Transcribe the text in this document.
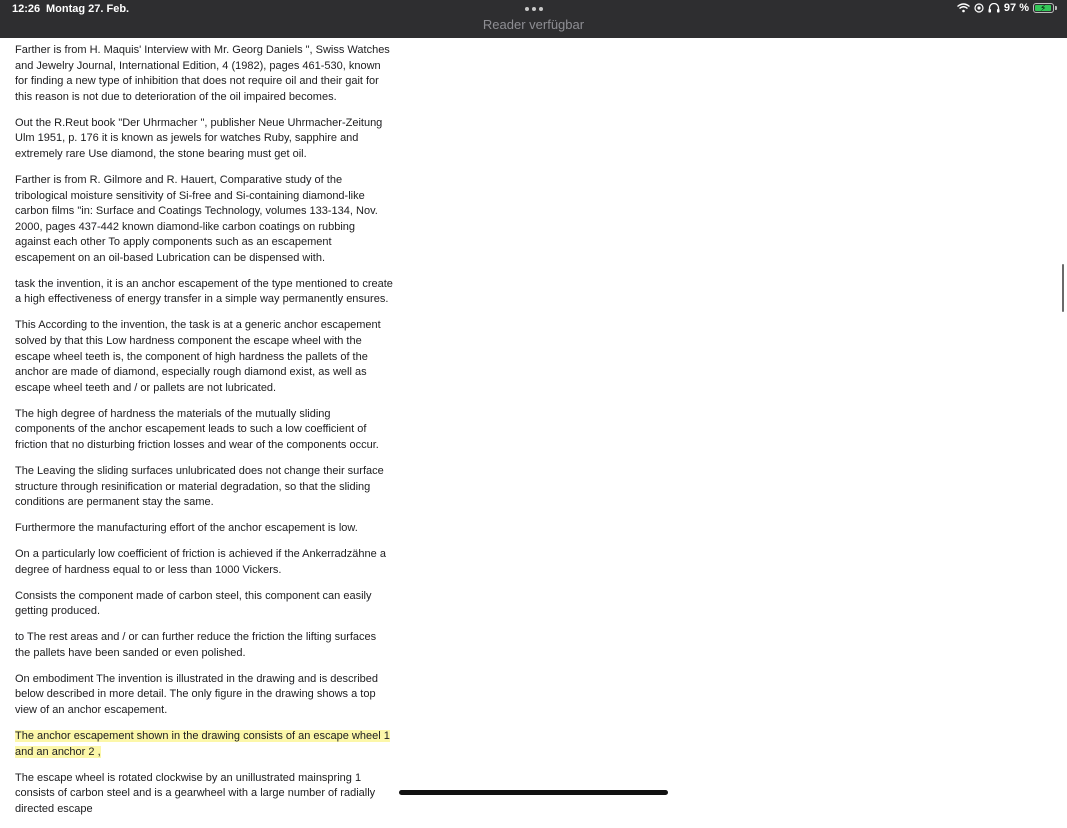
12:26 Montag 27. Feb.
Reader verfügbar
97 % ⚡

Farther is from H. Maquis' Interview with Mr. Georg Daniels ", Swiss Watches and Jewelry Journal, International Edition, 4 (1982), pages 461-530, known for finding a new type of inhibition that does not require oil and their gait for this reason is not due to deterioration of the oil impaired becomes.

Out the R.Reut book "Der Uhrmacher ", publisher Neue Uhrmacher-Zeitung Ulm 1951, p. 176 it is known as jewels for watches Ruby, sapphire and extremely rare Use diamond, the stone bearing must get oil.

Farther is from R. Gilmore and R. Hauert, Comparative study of the tribological moisture sensitivity of Si-free and Si-containing diamond-like carbon films "in: Surface and Coatings Technology, volumes 133-134, Nov. 2000, pages 437-442 known diamond-like carbon coatings on rubbing against each other To apply components such as an escapement escapement on an oil-based Lubrication can be dispensed with.

task the invention, it is an anchor escapement of the type mentioned to create a high effectiveness of energy transfer in a simple way permanently ensures.

This According to the invention, the task is at a generic anchor escapement solved by that this Low hardness component the escape wheel with the escape wheel teeth is, the component of high hardness the pallets of the anchor are made of diamond, especially rough diamond exist, as well as escape wheel teeth and / or pallets are not lubricated.

The high degree of hardness the materials of the mutually sliding components of the anchor escapement leads to such a low coefficient of friction that no disturbing friction losses and wear of the components occur.

The Leaving the sliding surfaces unlubricated does not change their surface structure through resinification or material degradation, so that the sliding conditions are permanent stay the same.

Furthermore the manufacturing effort of the anchor escapement is low.

On a particularly low coefficient of friction is achieved if the Ankerradzähne a degree of hardness equal to or less than 1000 Vickers.

Consists the component made of carbon steel, this component can easily getting produced.

to The rest areas and / or can further reduce the friction the lifting surfaces the pallets have been sanded or even polished.

On embodiment The invention is illustrated in the drawing and is described below described in more detail. The only figure in the drawing shows a top view of an anchor escapement.

The anchor escapement shown in the drawing consists of an escape wheel 1 and an anchor 2 ,

The escape wheel is rotated clockwise by an unillustrated mainspring 1 consists of carbon steel and is a gearwheel with a large number of radially directed escape
